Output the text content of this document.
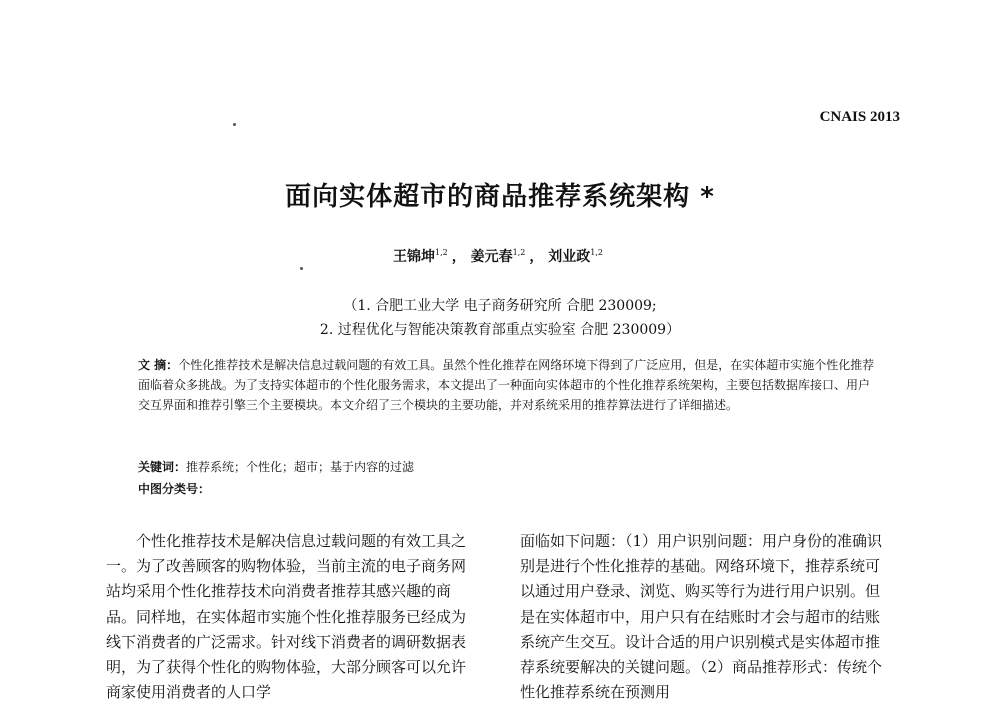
CNAIS 2013
面向实体超市的商品推荐系统架构 *
王锦坤$^{1,2}$ ， 姜元春$^{1,2}$ ， 刘业政$^{1,2}$
（1. 合肥工业大学 电子商务研究所 合肥 230009;
2. 过程优化与智能决策教育部重点实验室 合肥 230009）
文 摘：个性化推荐技术是解决信息过载问题的有效工具。虽然个性化推荐在网络环境下得到了广泛应用，但是，在实体超市实施个性化推荐面临着众多挑战。为了支持实体超市的个性化服务需求，本文提出了一种面向实体超市的个性化推荐系统架构，主要包括数据库接口、用户交互界面和推荐引擎三个主要模块。本文介绍了三个模块的主要功能，并对系统采用的推荐算法进行了详细描述。
关键词：推荐系统；个性化；超市；基于内容的过滤
中图分类号：
个性化推荐技术是解决信息过载问题的有效工具之一。为了改善顾客的购物体验，当前主流的电子商务网站均采用个性化推荐技术向消费者推荐其感兴趣的商品。同样地，在实体超市实施个性化推荐服务已经成为线下消费者的广泛需求。针对线下消费者的调研数据表明，为了获得个性化的购物体验，大部分顾客可以允许商家使用消费者的人口学
面临如下问题：（1）用户识别问题：用户身份的准确识别是进行个性化推荐的基础。网络环境下，推荐系统可以通过用户登录、浏览、购买等行为进行用户识别。但是在实体超市中，用户只有在结账时才会与超市的结账系统产生交互。设计合适的用户识别模式是实体超市推荐系统要解决的关键问题。（2）商品推荐形式：传统个性化推荐系统在预测用
